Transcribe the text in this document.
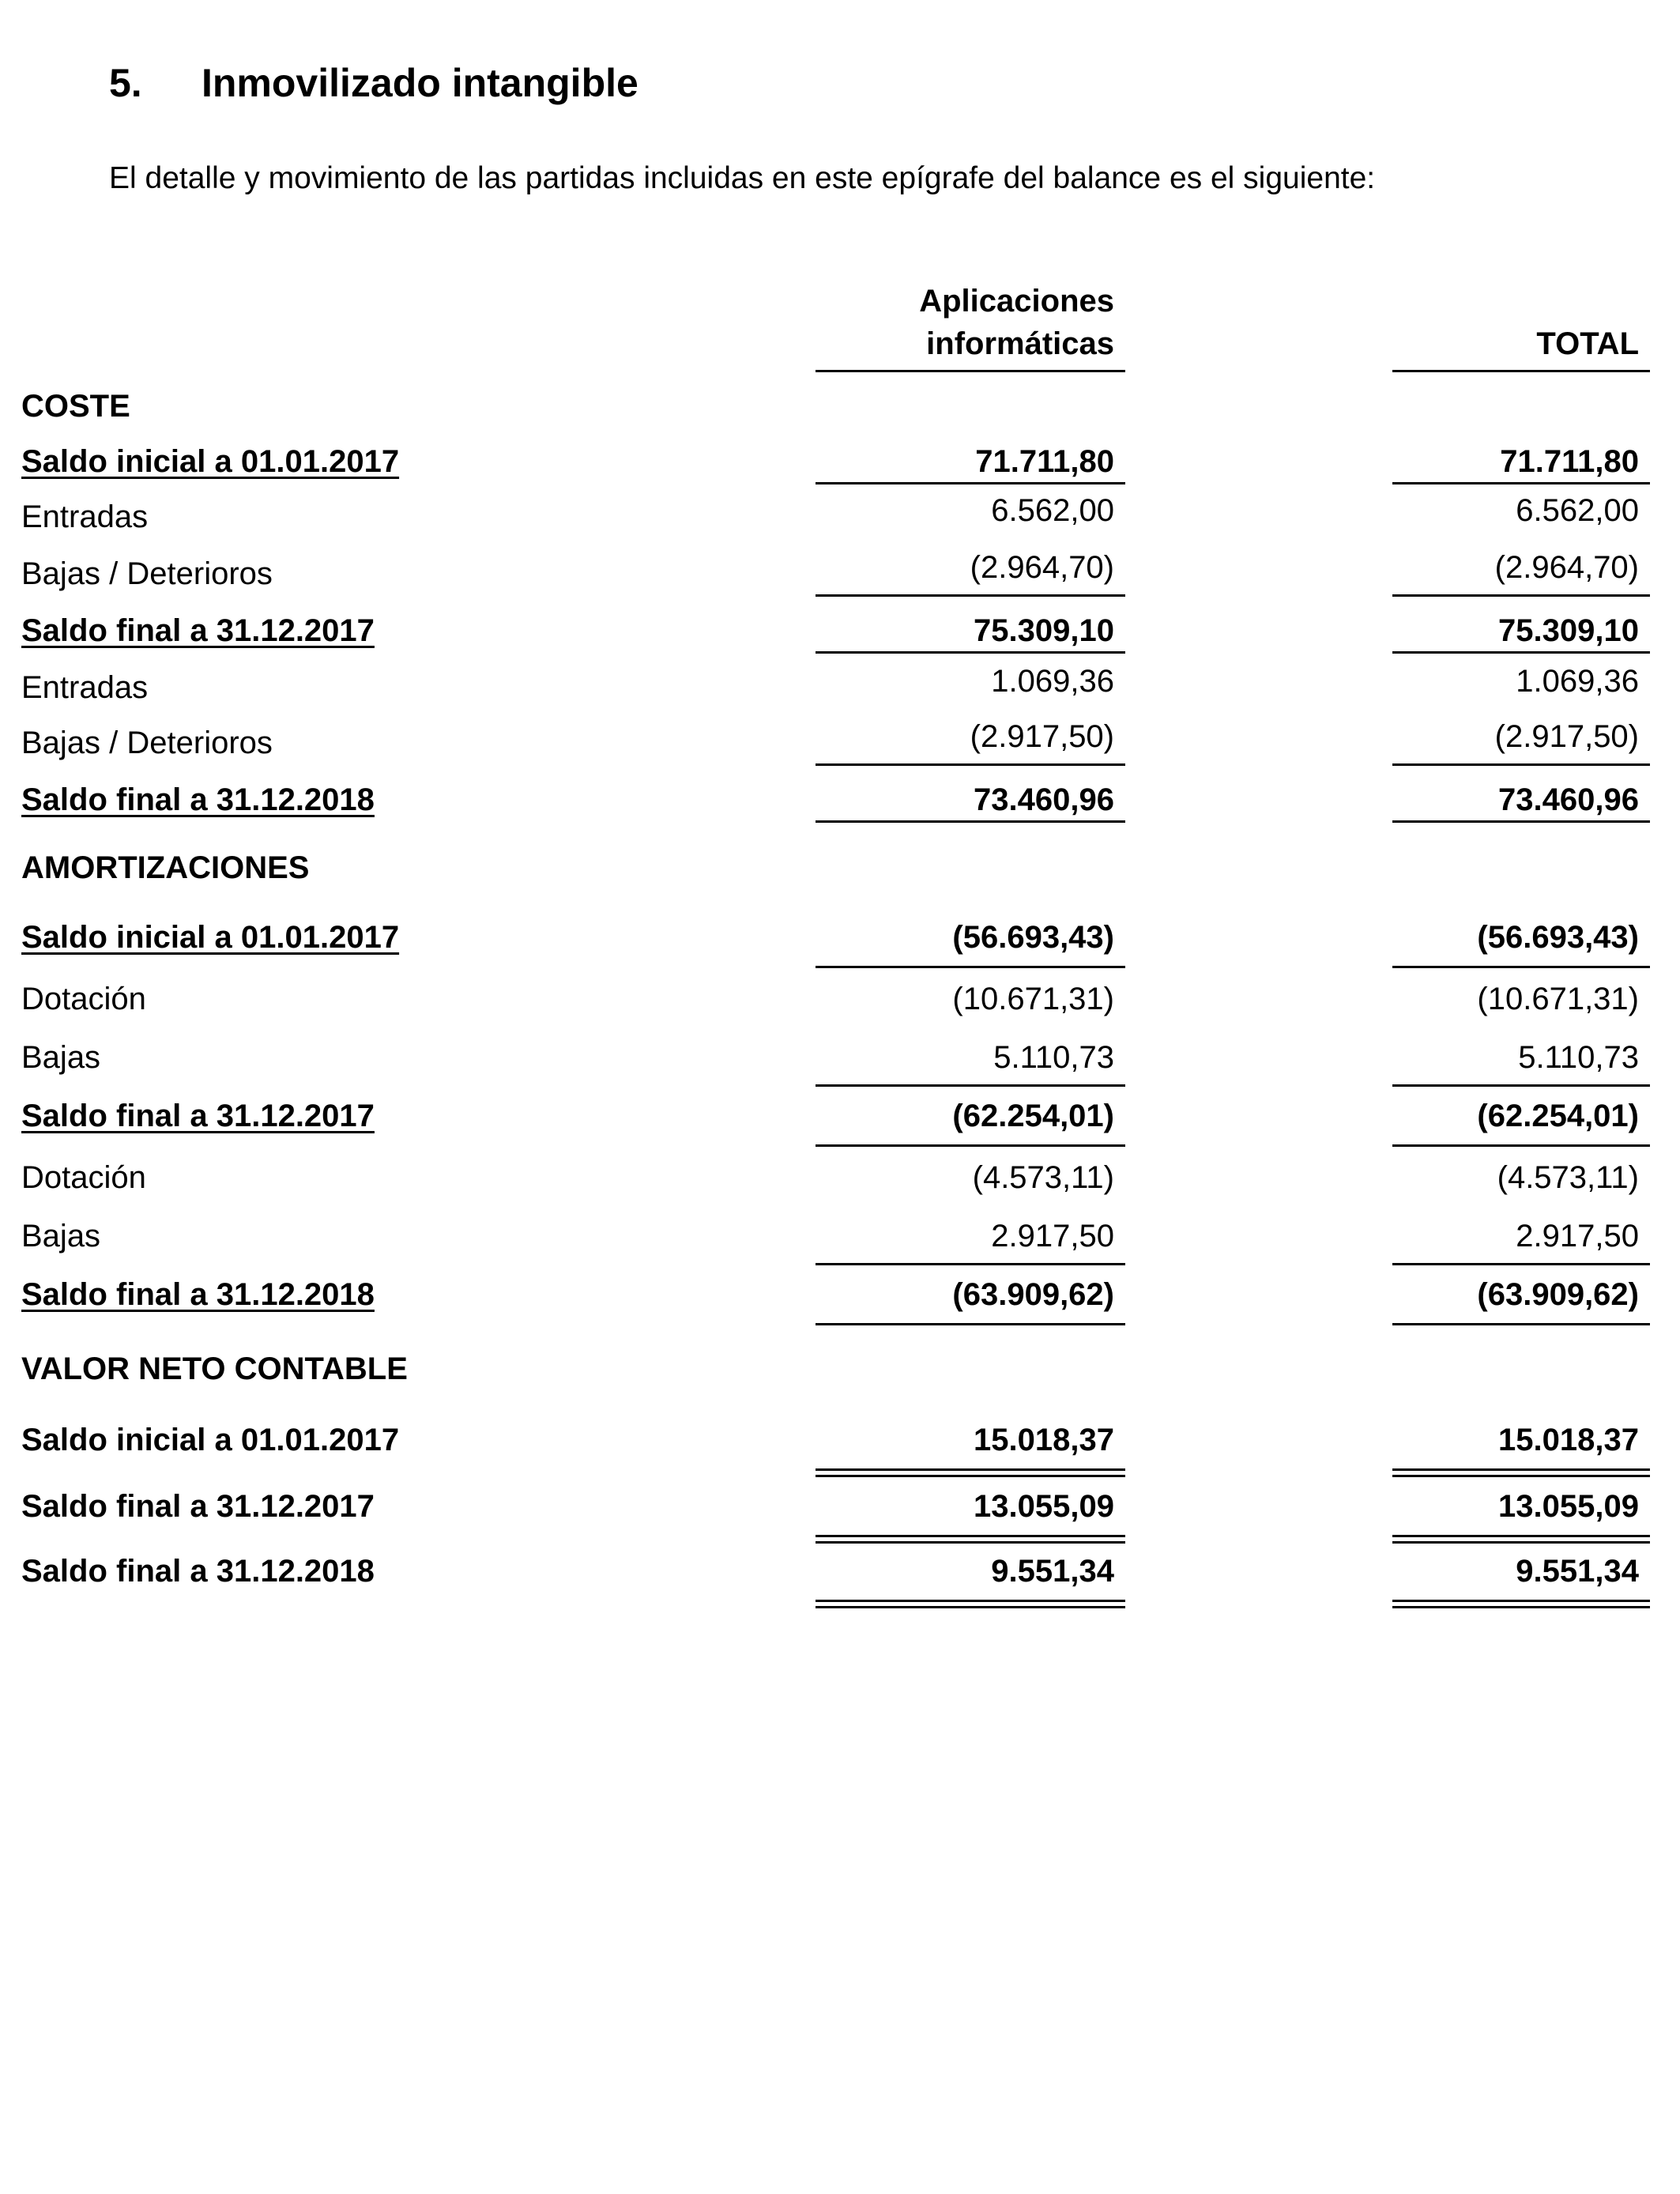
5. Inmovilizado intangible

El detalle y movimiento de las partidas incluidas en este epígrafe del balance es el siguiente:

Aplicaciones
informáticas	TOTAL
COSTE
Saldo inicial a 01.01.2017	71.711,80	71.711,80
Entradas	6.562,00	6.562,00
Bajas / Deterioros	(2.964,70)	(2.964,70)
Saldo final a 31.12.2017	75.309,10	75.309,10
Entradas	1.069,36	1.069,36
Bajas / Deterioros	(2.917,50)	(2.917,50)
Saldo final a 31.12.2018	73.460,96	73.460,96
AMORTIZACIONES
Saldo inicial a 01.01.2017	(56.693,43)	(56.693,43)
Dotación	(10.671,31)	(10.671,31)
Bajas	5.110,73	5.110,73
Saldo final a 31.12.2017	(62.254,01)	(62.254,01)
Dotación	(4.573,11)	(4.573,11)
Bajas	2.917,50	2.917,50
Saldo final a 31.12.2018	(63.909,62)	(63.909,62)
VALOR NETO CONTABLE
Saldo inicial a 01.01.2017	15.018,37	15.018,37
Saldo final a 31.12.2017	13.055,09	13.055,09
Saldo final a 31.12.2018	9.551,34	9.551,34
